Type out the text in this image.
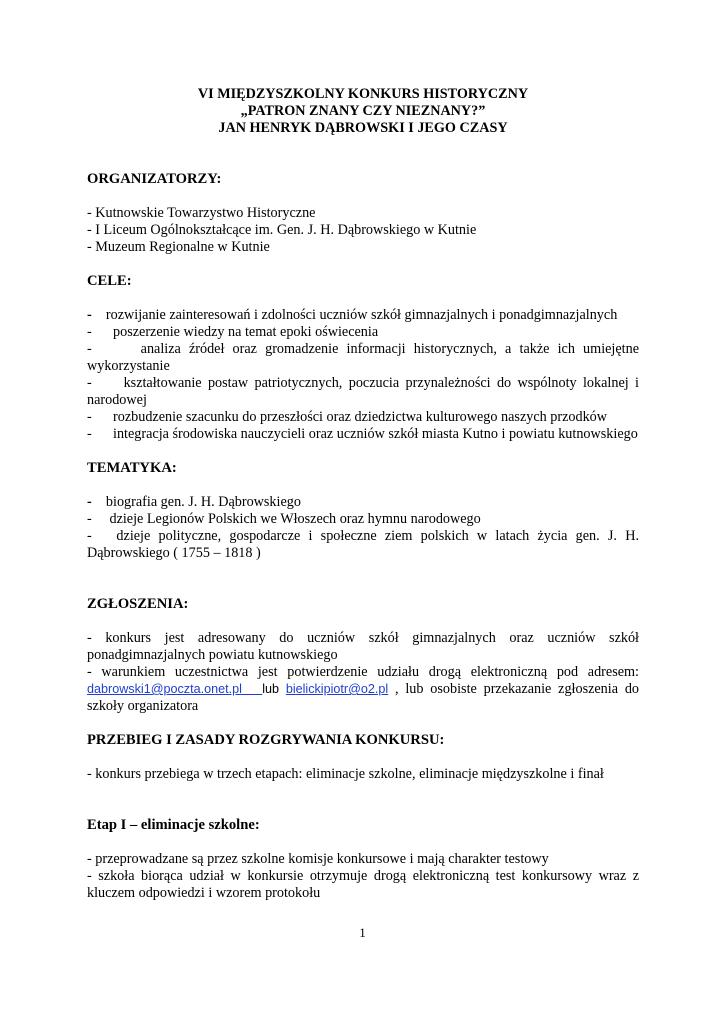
VI MIĘDZYSZKOLNY KONKURS HISTORYCZNY
„PATRON ZNANY CZY NIEZNANY?”
JAN HENRYK DĄBROWSKI I JEGO CZASY
ORGANIZATORZY:
- Kutnowskie Towarzystwo Historyczne
- I Liceum Ogólnokształcące im. Gen. J. H. Dąbrowskiego w Kutnie
- Muzeum Regionalne w Kutnie
CELE:
- rozwijanie zainteresowań i zdolności uczniów szkół gimnazjalnych i ponadgimnazjalnych
- poszerzenie wiedzy na temat epoki oświecenia
-	analiza źródeł oraz gromadzenie informacji historycznych, a także ich umiejętne wykorzystanie
- kształtowanie postaw patriotycznych, poczucia przynależności do wspólnoty lokalnej i narodowej
- rozbudzenie szacunku do przeszłości oraz dziedzictwa kulturowego naszych przodków
- integracja środowiska nauczycieli oraz uczniów szkół miasta Kutno i powiatu kutnowskiego
TEMATYKA:
- biografia gen. J. H. Dąbrowskiego
- dzieje Legionów Polskich we Włoszech oraz hymnu narodowego
- dzieje polityczne, gospodarcze i społeczne ziem polskich w latach życia gen. J. H. Dąbrowskiego ( 1755 – 1818 )
ZGŁOSZENIA:
- konkurs jest adresowany do uczniów szkół gimnazjalnych oraz uczniów szkół ponadgimnazjalnych powiatu kutnowskiego
- warunkiem uczestnictwa jest potwierdzenie udziału drogą elektroniczną pod adresem: dabrowski1@poczta.onet.pl lub bielickipiotr@o2.pl , lub osobiste przekazanie zgłoszenia do szkoły organizatora
PRZEBIEG I ZASADY ROZGRYWANIA KONKURSU:
- konkurs przebiega w trzech etapach: eliminacje szkolne, eliminacje międzyszkolne i finał
Etap I – eliminacje szkolne:
- przeprowadzane są przez szkolne komisje konkursowe i mają charakter testowy
- szkoła biorąca udział w konkursie otrzymuje drogą elektroniczną test konkursowy wraz z kluczem odpowiedzi i wzorem protokołu
1
